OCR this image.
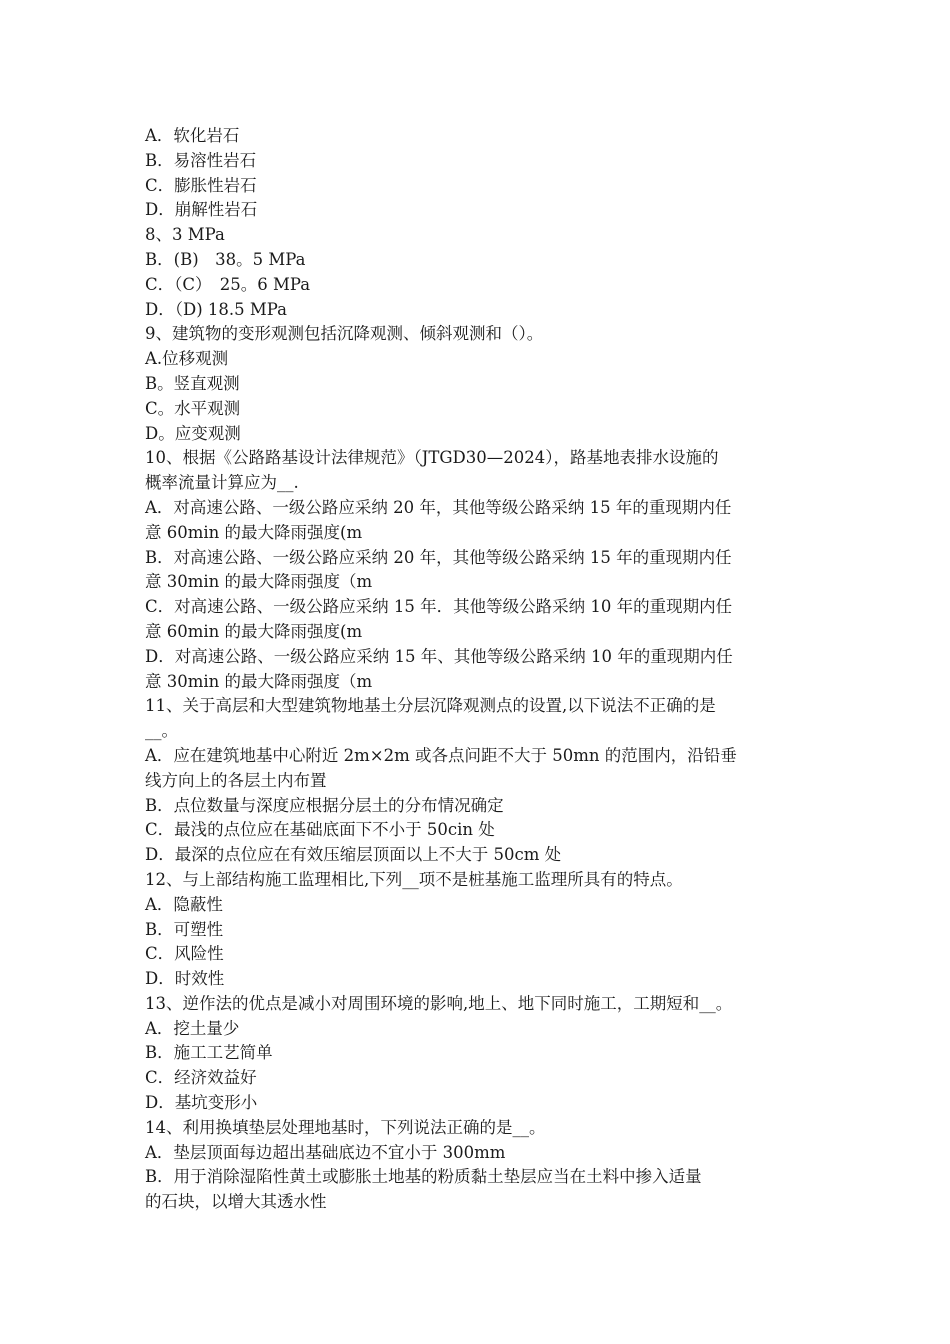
A．软化岩石
B．易溶性岩石
C．膨胀性岩石
D．崩解性岩石
8、3 MPa
B．(B)　38。5 MPa
C．（C）　25。6 MPa
D．（D) 18.5 MPa
9、建筑物的变形观测包括沉降观测、倾斜观测和（）。
A.位移观测
B。竖直观测
C。水平观测
D。应变观测
10、根据《公路路基设计法律规范》（JTGD30—2024），路基地表排水设施的
概率流量计算应为__.
A．对高速公路、一级公路应采纳 20 年，其他等级公路采纳 15 年的重现期内任
意 60min 的最大降雨强度(m
B．对高速公路、一级公路应采纳 20 年，其他等级公路采纳 15 年的重现期内任
意 30min 的最大降雨强度（m
C．对高速公路、一级公路应采纳 15 年．其他等级公路采纳 10 年的重现期内任
意 60min 的最大降雨强度(m
D．对高速公路、一级公路应采纳 15 年、其他等级公路采纳 10 年的重现期内任
意 30min 的最大降雨强度（m
11、关于高层和大型建筑物地基土分层沉降观测点的设置,以下说法不正确的是
__。
A．应在建筑地基中心附近 2m×2m 或各点问距不大于 50mn 的范围内，沿铅垂
线方向上的各层土内布置
B．点位数量与深度应根据分层土的分布情况确定
C．最浅的点位应在基础底面下不小于 50cin 处
D．最深的点位应在有效压缩层顶面以上不大于 50cm 处
12、与上部结构施工监理相比,下列__项不是桩基施工监理所具有的特点。
A．隐蔽性
B．可塑性
C．风险性
D．时效性
13、逆作法的优点是减小对周围环境的影响,地上、地下同时施工，工期短和__。
A．挖土量少
B．施工工艺简单
C．经济效益好
D．基坑变形小
14、利用换填垫层处理地基时，下列说法正确的是__。
A．垫层顶面每边超出基础底边不宜小于 300mm
B．用于消除湿陷性黄土或膨胀土地基的粉质黏土垫层应当在土料中掺入适量
的石块，以增大其透水性
